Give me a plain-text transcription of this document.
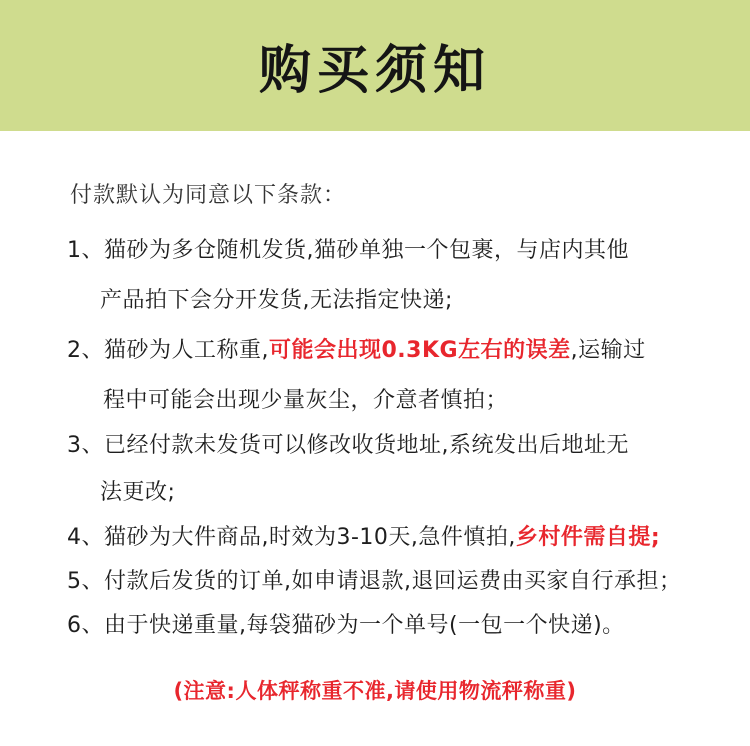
购买须知
付款默认为同意以下条款：
1、猫砂为多仓随机发货,猫砂单独一个包裹，与店内其他
产品拍下会分开发货,无法指定快递;
2、猫砂为人工称重,可能会出现0.3KG左右的误差,运输过
程中可能会出现少量灰尘，介意者慎拍；
3、已经付款未发货可以修改收货地址,系统发出后地址无
法更改;
4、猫砂为大件商品,时效为3-10天,急件慎拍,乡村件需自提;
5、付款后发货的订单,如申请退款,退回运费由买家自行承担；
6、由于快递重量,每袋猫砂为一个单号(一包一个快递)。
(注意:人体秤称重不准,请使用物流秤称重)
